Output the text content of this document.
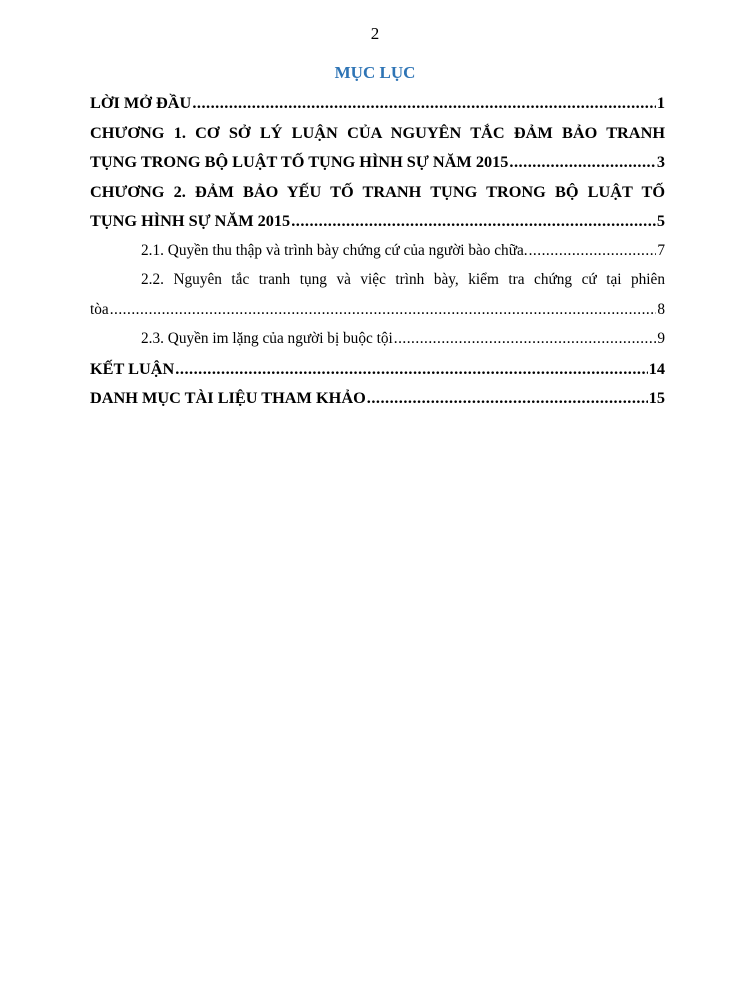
2
MỤC LỤC
LỜI MỞ ĐẦU .....	1
CHƯƠNG 1. CƠ SỞ LÝ LUẬN CỦA NGUYÊN TẮC ĐẢM BẢO TRANH
TỤNG TRONG BỘ LUẬT TỐ TỤNG HÌNH SỰ NĂM 2015 .....	3
CHƯƠNG 2. ĐẢM BẢO YẾU TỐ TRANH TỤNG TRONG BỘ LUẬT TỐ
TỤNG HÌNH SỰ NĂM 2015 .....	5
2.1. Quyền thu thập và trình bày chứng cứ của người bào chữa. .....	7
2.2. Nguyên tắc tranh tụng và việc trình bày, kiểm tra chứng cứ tại phiên
tòa .....	8
2.3. Quyền im lặng của người bị buộc tội .....	9
KẾT LUẬN .....	14
DANH MỤC TÀI LIỆU THAM KHẢO .....	15
